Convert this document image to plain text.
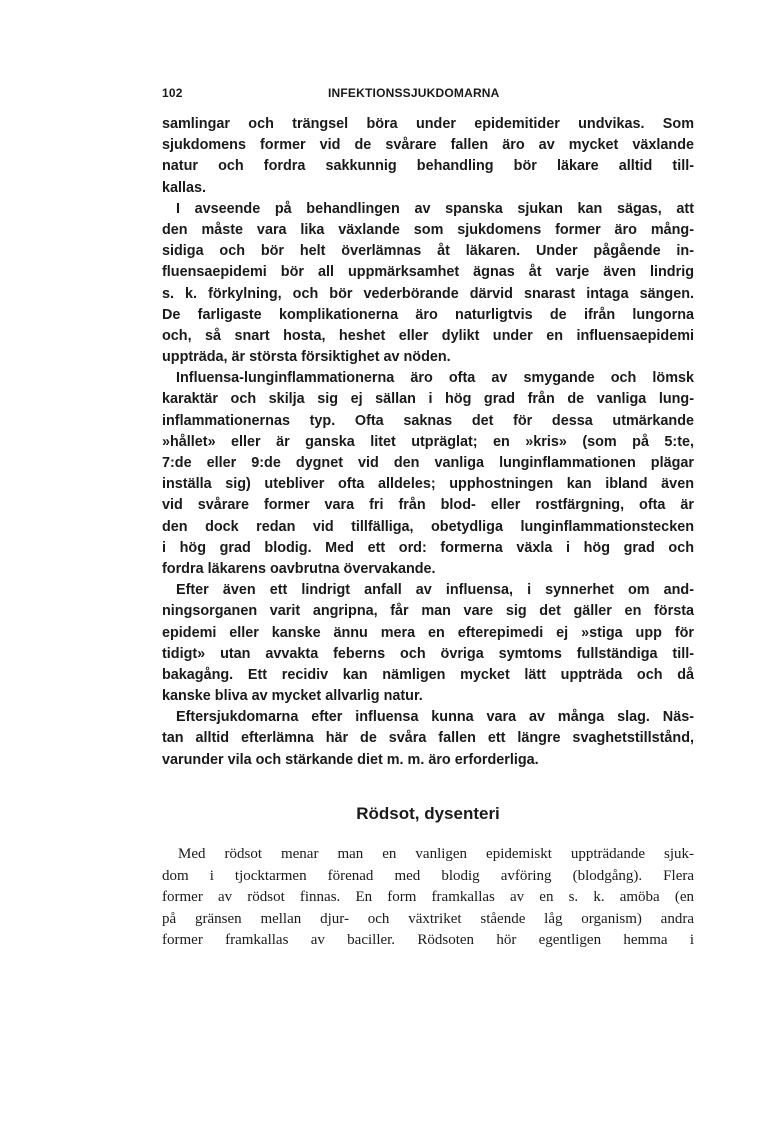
102	INFEKTIONSSJUKDOMARNA
samlingar och trängsel böra under epidemitider undvikas. Som
sjukdomens former vid de svårare fallen äro av mycket växlande
natur och fordra sakkunnig behandling bör läkare alltid till-
kallas.
I avseende på behandlingen av spanska sjukan kan sägas, att
den måste vara lika växlande som sjukdomens former äro mång-
sidiga och bör helt överlämnas åt läkaren. Under pågående in-
fluensaepidemi bör all uppmärksamhet ägnas åt varje även lindrig
s. k. förkylning, och bör vederbörande därvid snarast intaga sängen.
De farligaste komplikationerna äro naturligtvis de ifrån lungorna
och, så snart hosta, heshet eller dylikt under en influensaepidemi
uppträda, är största försiktighet av nöden.
Influensa-lunginflammationerna äro ofta av smygande och lömsk
karaktär och skilja sig ej sällan i hög grad från de vanliga lung-
inflammationernas typ. Ofta saknas det för dessa utmärkande
»hållet» eller är ganska litet utpräglat; en »kris» (som på 5:te,
7:de eller 9:de dygnet vid den vanliga lunginflammationen plägar
inställa sig) utebliver ofta alldeles; upphostningen kan ibland även
vid svårare former vara fri från blod- eller rostfärgning, ofta är
den dock redan vid tillfälliga, obetydliga lunginflammationstecken
i hög grad blodig. Med ett ord: formerna växla i hög grad och
fordra läkarens oavbrutna övervakande.
Efter även ett lindrigt anfall av influensa, i synnerhet om and-
ningsorganen varit angripna, får man vare sig det gäller en första
epidemi eller kanske ännu mera en efterepimedi ej »stiga upp för
tidigt» utan avvakta feberns och övriga symtoms fullständiga till-
bakagång. Ett recidiv kan nämligen mycket lätt uppträda och då
kanske bliva av mycket allvarlig natur.
Eftersjukdomarna efter influensa kunna vara av många slag. Näs-
tan alltid efterlämna här de svåra fallen ett längre svaghetstillstånd,
varunder vila och stärkande diet m. m. äro erforderliga.
Rödsot, dysenteri
Med rödsot menar man en vanligen epidemiskt uppträdande sjuk-
dom i tjocktarmen förenad med blodig avföring (blodgång). Flera
former av rödsot finnas. En form framkallas av en s. k. amöba (en
på gränsen mellan djur- och växtriket stående låg organism) andra
former framkallas av baciller. Rödsoten hör egentligen hemma i
